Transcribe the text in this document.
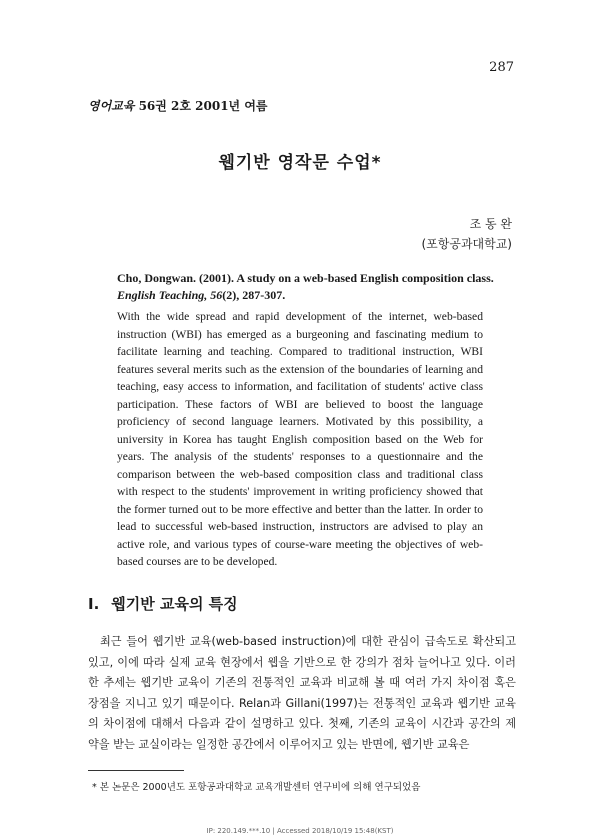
287
영어교육 56권 2호 2001년 여름
웹기반 영작문 수업*
조 동 완
(포항공과대학교)
Cho, Dongwan. (2001). A study on a web-based English composition class. English Teaching, 56(2), 287-307.
With the wide spread and rapid development of the internet, web-based instruction (WBI) has emerged as a burgeoning and fascinating medium to facilitate learning and teaching. Compared to traditional instruction, WBI features several merits such as the extension of the boundaries of learning and teaching, easy access to information, and facilitation of students' active class participation. These factors of WBI are believed to boost the language proficiency of second language learners. Motivated by this possibility, a university in Korea has taught English composition based on the Web for years. The analysis of the students' responses to a questionnaire and the comparison between the web-based composition class and traditional class with respect to the students' improvement in writing proficiency showed that the former turned out to be more effective and better than the latter. In order to lead to successful web-based instruction, instructors are advised to play an active role, and various types of course-ware meeting the objectives of web-based courses are to be developed.
I. 웹기반 교육의 특징
최근 들어 웹기반 교육(web-based instruction)에 대한 관심이 급속도로 확산되고 있고, 이에 따라 실제 교육 현장에서 웹을 기반으로 한 강의가 점차 늘어나고 있다. 이러한 추세는 웹기반 교육이 기존의 전통적인 교육과 비교해 볼 때 여러 가지 차이점 혹은 장점을 지니고 있기 때문이다. Relan과 Gillani(1997)는 전통적인 교육과 웹기반 교육의 차이점에 대해서 다음과 같이 설명하고 있다. 첫째, 기존의 교육이 시간과 공간의 제약을 받는 교실이라는 일정한 공간에서 이루어지고 있는 반면에, 웹기반 교육은
* 본 논문은 2000년도 포항공과대학교 교육개발센터 연구비에 의해 연구되었음
IP: 220.149.***.10 | Accessed 2018/10/19 15:48(KST)
